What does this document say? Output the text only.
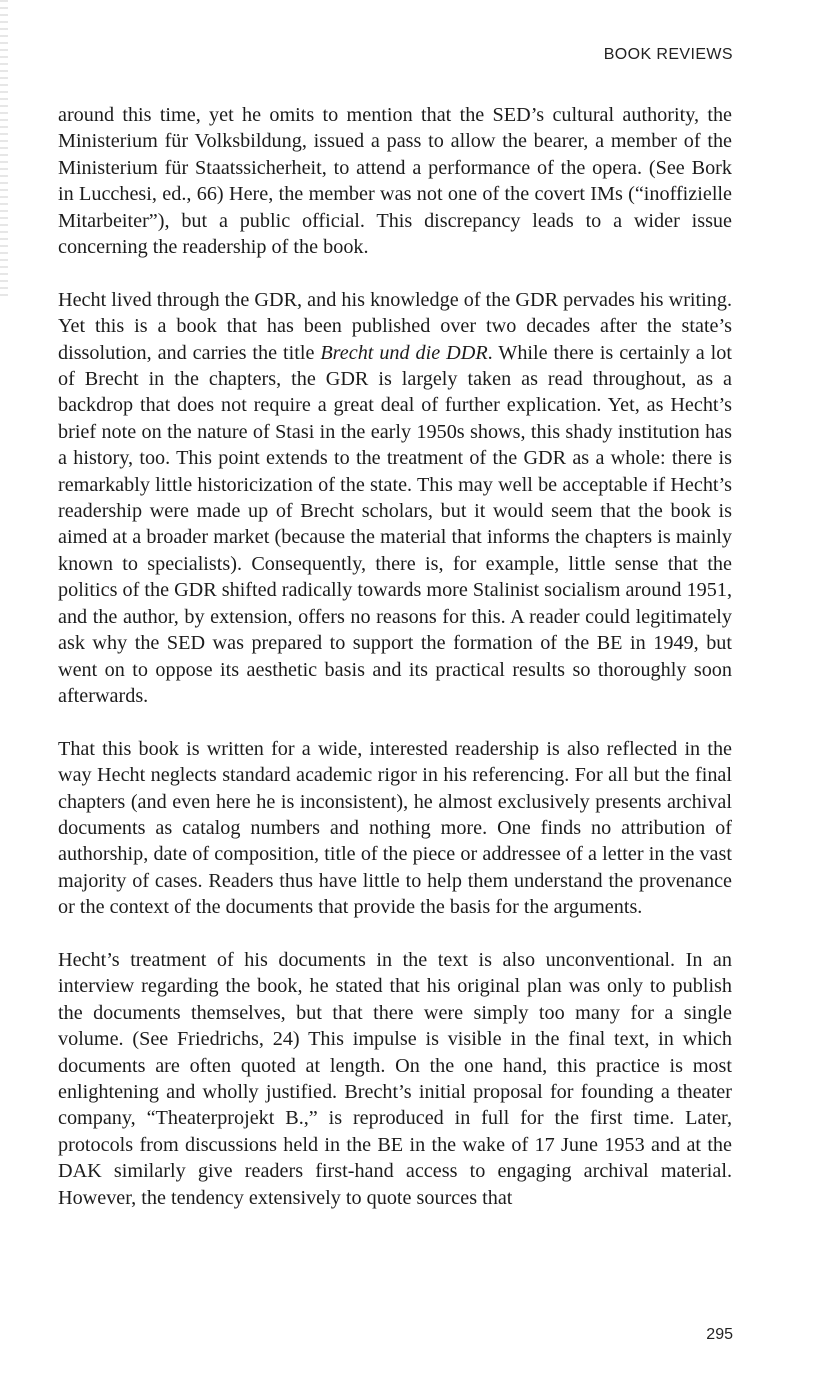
BOOK REVIEWS

around this time, yet he omits to mention that the SED’s cultural authority, the Ministerium für Volksbildung, issued a pass to allow the bearer, a member of the Ministerium für Staatssicherheit, to attend a performance of the opera. (See Bork in Lucchesi, ed., 66) Here, the member was not one of the covert IMs (“inoffizielle Mitarbeiter”), but a public official. This discrepancy leads to a wider issue concerning the readership of the book.

Hecht lived through the GDR, and his knowledge of the GDR pervades his writing. Yet this is a book that has been published over two decades after the state’s dissolution, and carries the title Brecht und die DDR. While there is certainly a lot of Brecht in the chapters, the GDR is largely taken as read throughout, as a backdrop that does not require a great deal of further explication. Yet, as Hecht’s brief note on the nature of Stasi in the early 1950s shows, this shady institution has a history, too. This point extends to the treatment of the GDR as a whole: there is remarkably little historicization of the state. This may well be acceptable if Hecht’s readership were made up of Brecht scholars, but it would seem that the book is aimed at a broader market (because the material that informs the chapters is mainly known to specialists). Consequently, there is, for example, little sense that the politics of the GDR shifted radically towards more Stalinist socialism around 1951, and the author, by extension, offers no reasons for this. A reader could legitimately ask why the SED was prepared to support the formation of the BE in 1949, but went on to oppose its aesthetic basis and its practical results so thoroughly soon afterwards.

That this book is written for a wide, interested readership is also reflected in the way Hecht neglects standard academic rigor in his referencing. For all but the final chapters (and even here he is inconsistent), he almost exclusively presents archival documents as catalog numbers and nothing more. One finds no attribution of authorship, date of composition, title of the piece or addressee of a letter in the vast majority of cases. Readers thus have little to help them understand the provenance or the context of the documents that provide the basis for the arguments.

Hecht’s treatment of his documents in the text is also unconventional. In an interview regarding the book, he stated that his original plan was only to publish the documents themselves, but that there were simply too many for a single volume. (See Friedrichs, 24) This impulse is visible in the final text, in which documents are often quoted at length. On the one hand, this practice is most enlightening and wholly justified. Brecht’s initial proposal for founding a theater company, “Theaterprojekt B.,” is reproduced in full for the first time. Later, protocols from discussions held in the BE in the wake of 17 June 1953 and at the DAK similarly give readers first-hand access to engaging archival material. However, the tendency extensively to quote sources that

295
